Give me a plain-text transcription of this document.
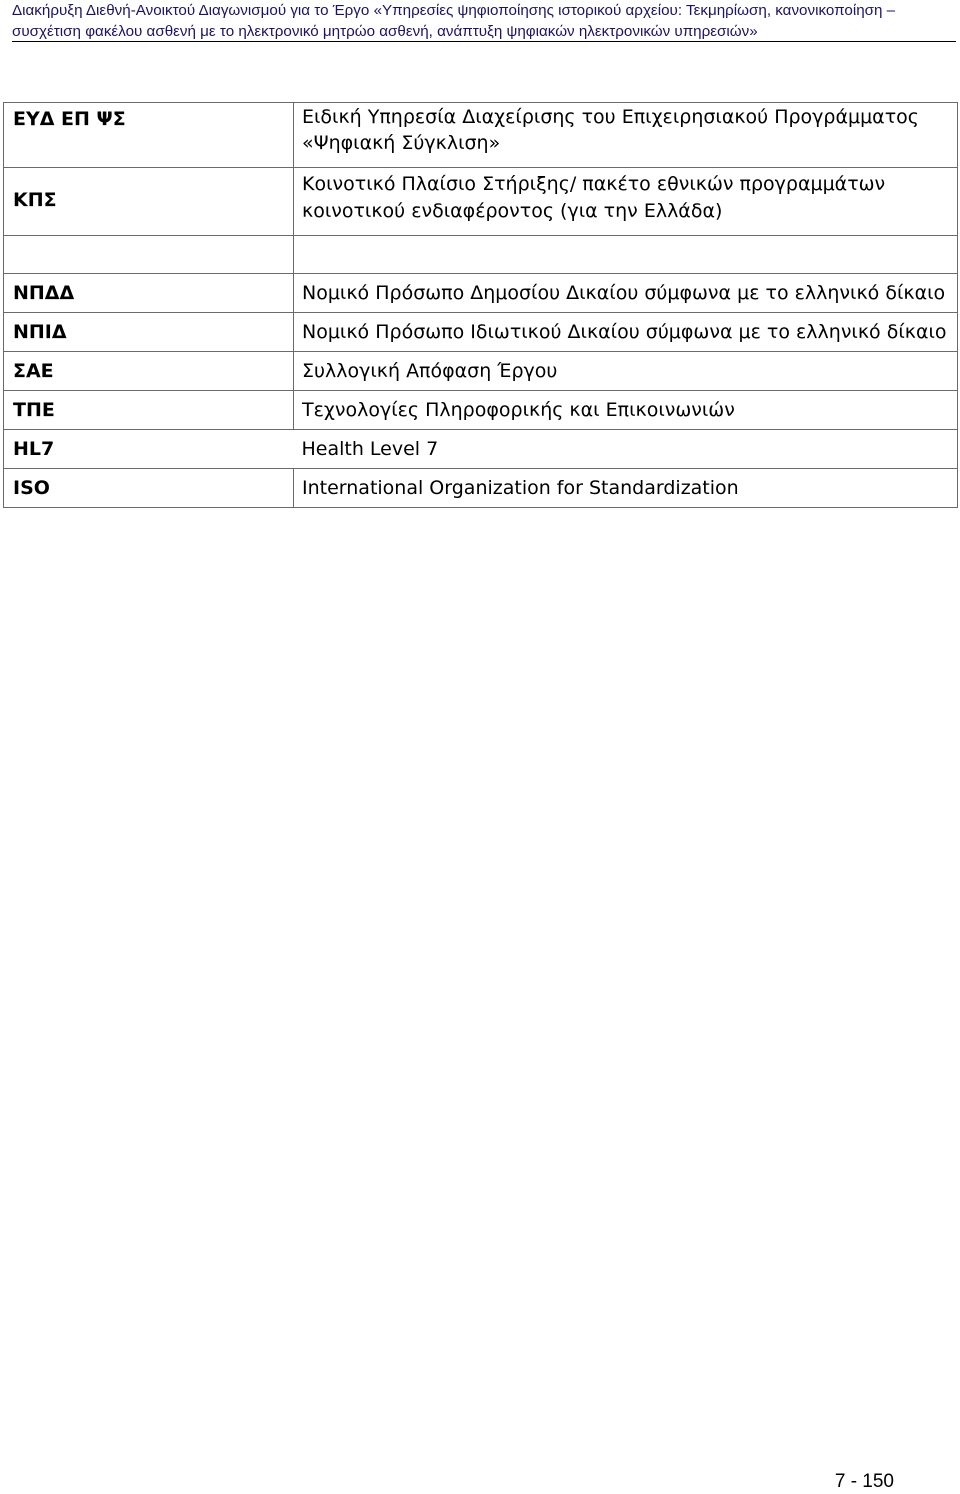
Διακήρυξη Διεθνή-Ανοικτού Διαγωνισμού για το Έργο «Υπηρεσίες ψηφιοποίησης ιστορικού αρχείου: Τεκμηρίωση, κανονικοποίηση –
συσχέτιση φακέλου ασθενή με το ηλεκτρονικό μητρώο ασθενή, ανάπτυξη ψηφιακών ηλεκτρονικών υπηρεσιών»
ΕΥΔ ΕΠ ΨΣ	Ειδική Υπηρεσία Διαχείρισης του Επιχειρησιακού Προγράμματος
«Ψηφιακή Σύγκλιση»

ΚΠΣ	Κοινοτικό Πλαίσιο Στήριξης/ πακέτο εθνικών προγραμμάτων
κοινοτικού ενδιαφέροντος (για την Ελλάδα)

ΝΠΔΔ	Νομικό Πρόσωπο Δημοσίου Δικαίου σύμφωνα με το ελληνικό δίκαιο
ΝΠΙΔ	Νομικό Πρόσωπο Ιδιωτικού Δικαίου σύμφωνα με το ελληνικό δίκαιο
ΣΑΕ	Συλλογική Απόφαση Έργου
ΤΠΕ	Τεχνολογίες Πληροφορικής και Επικοινωνιών
HL7	Health Level 7
ISO	International Organization for Standardization
7 - 150
